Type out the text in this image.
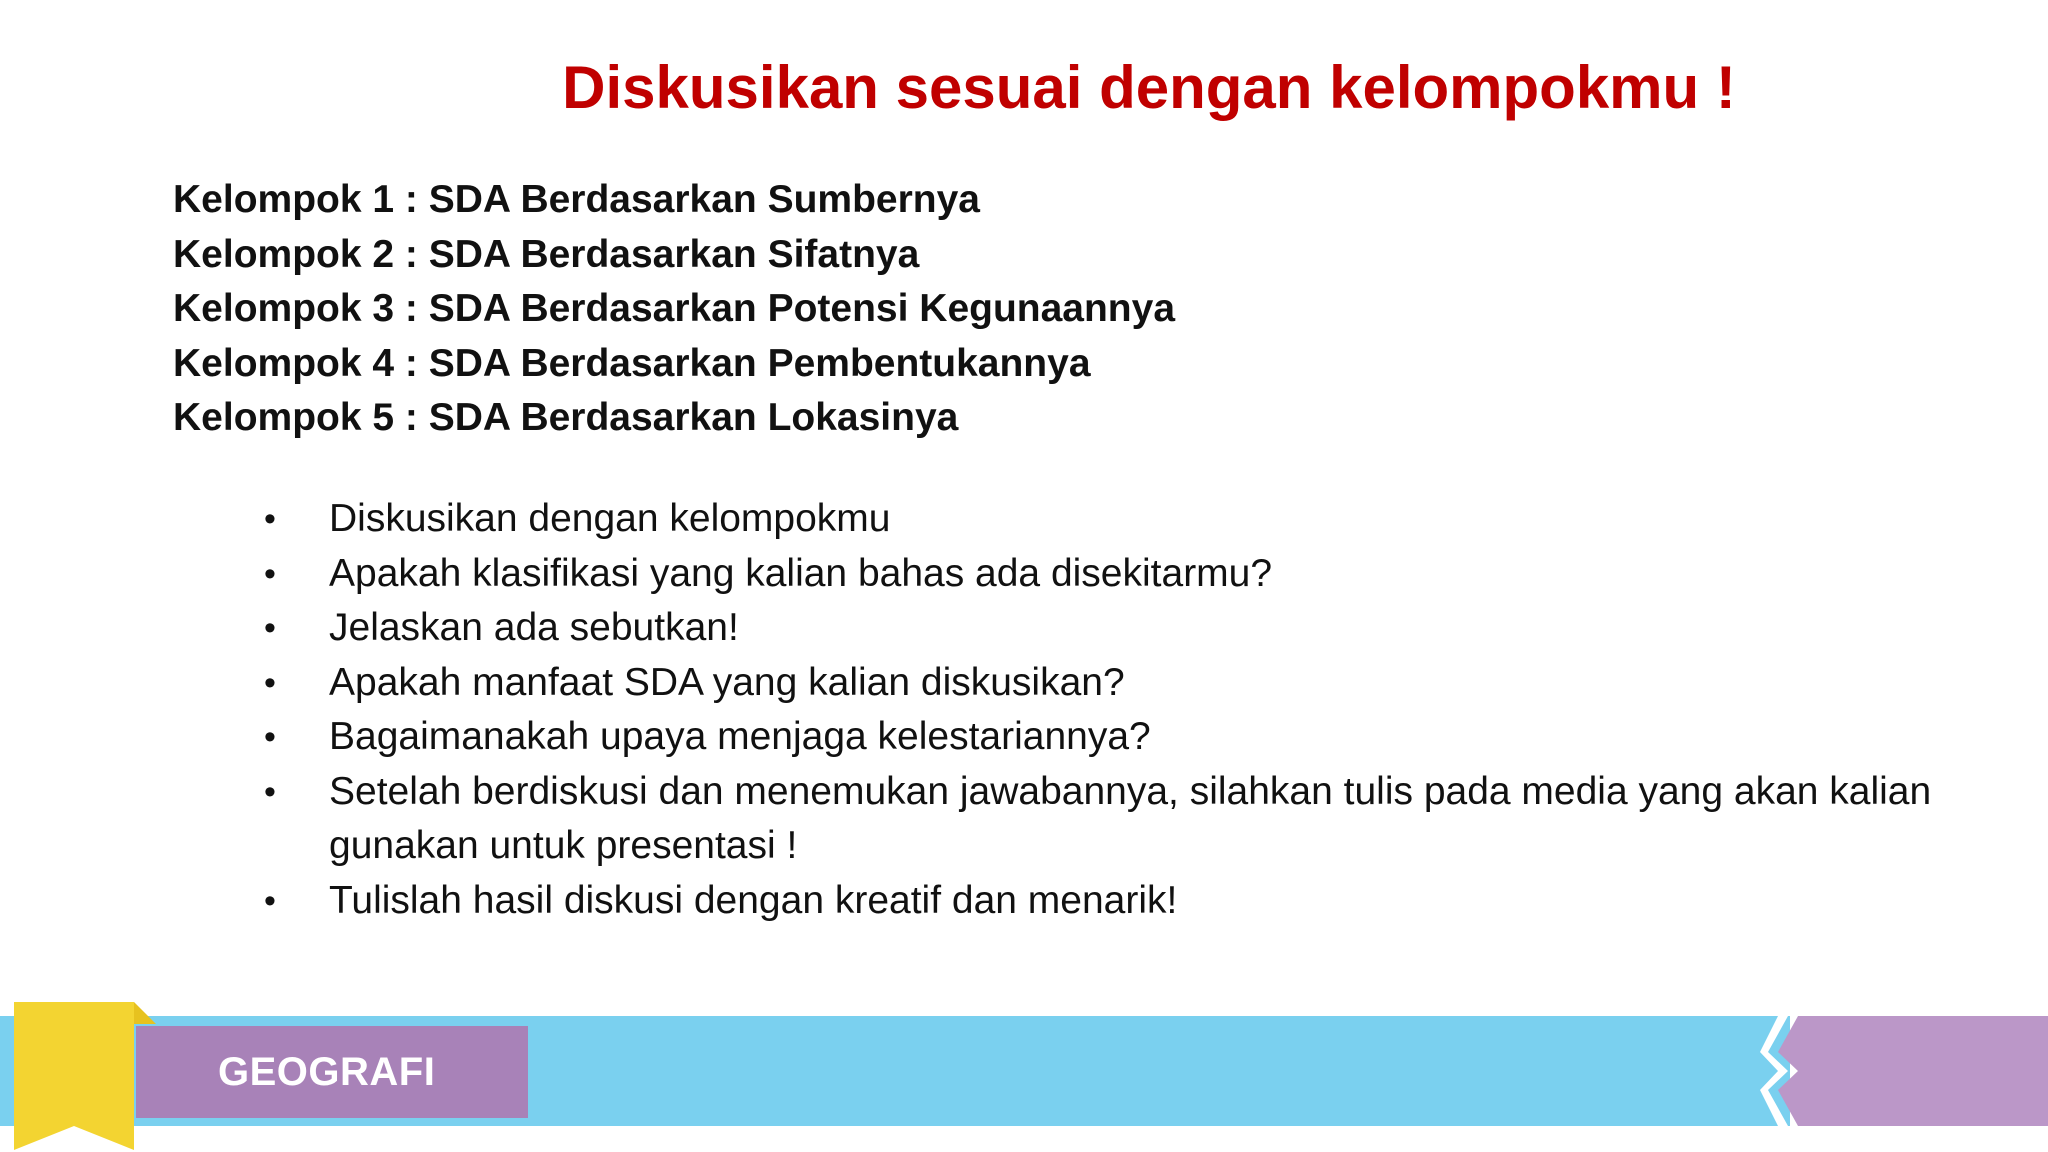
Diskusikan sesuai dengan kelompokmu !
Kelompok 1 : SDA Berdasarkan Sumbernya
Kelompok 2 : SDA Berdasarkan Sifatnya
Kelompok 3 : SDA Berdasarkan Potensi Kegunaannya
Kelompok 4 : SDA Berdasarkan Pembentukannya
Kelompok 5 : SDA Berdasarkan Lokasinya
• Diskusikan dengan kelompokmu
• Apakah klasifikasi yang kalian bahas ada disekitarmu?
• Jelaskan ada sebutkan!
• Apakah manfaat SDA yang kalian diskusikan?
• Bagaimanakah upaya menjaga kelestariannya?
• Setelah berdiskusi dan menemukan jawabannya, silahkan tulis pada media yang akan kalian gunakan untuk presentasi !
• Tulislah hasil diskusi dengan kreatif dan menarik!
GEOGRAFI
